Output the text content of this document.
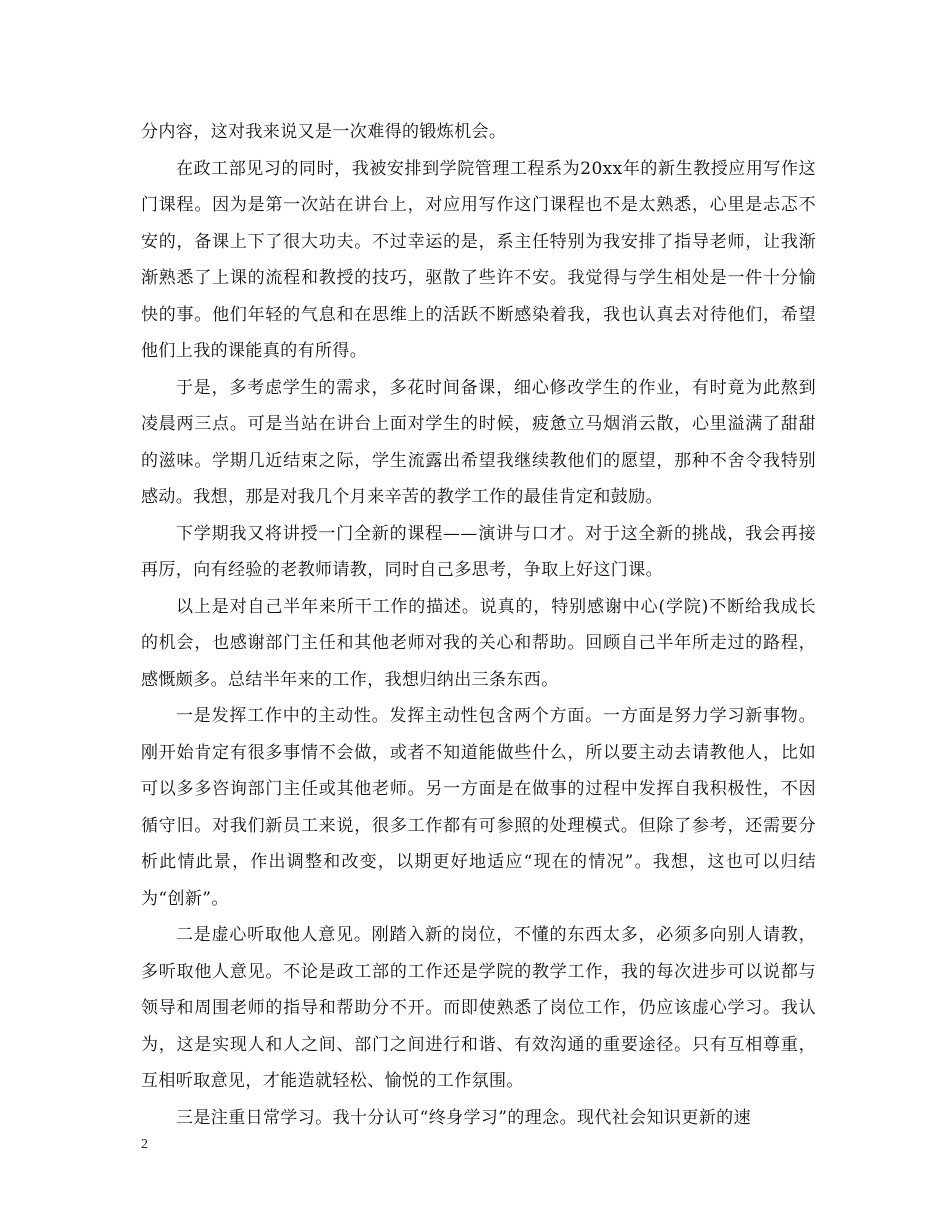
分内容，这对我来说又是一次难得的锻炼机会。

在政工部见习的同时，我被安排到学院管理工程系为20xx年的新生教授应用写作这门课程。因为是第一次站在讲台上，对应用写作这门课程也不是太熟悉，心里是忐忑不安的，备课上下了很大功夫。不过幸运的是，系主任特别为我安排了指导老师，让我渐渐熟悉了上课的流程和教授的技巧，驱散了些许不安。我觉得与学生相处是一件十分愉快的事。他们年轻的气息和在思维上的活跃不断感染着我，我也认真去对待他们，希望他们上我的课能真的有所得。

于是，多考虑学生的需求，多花时间备课，细心修改学生的作业，有时竟为此熬到凌晨两三点。可是当站在讲台上面对学生的时候，疲惫立马烟消云散，心里溢满了甜甜的滋味。学期几近结束之际，学生流露出希望我继续教他们的愿望，那种不舍令我特别感动。我想，那是对我几个月来辛苦的教学工作的最佳肯定和鼓励。

下学期我又将讲授一门全新的课程——演讲与口才。对于这全新的挑战，我会再接再厉，向有经验的老教师请教，同时自己多思考，争取上好这门课。

以上是对自己半年来所干工作的描述。说真的，特别感谢中心(学院)不断给我成长的机会，也感谢部门主任和其他老师对我的关心和帮助。回顾自己半年所走过的路程，感慨颇多。总结半年来的工作，我想归纳出三条东西。

一是发挥工作中的主动性。发挥主动性包含两个方面。一方面是努力学习新事物。刚开始肯定有很多事情不会做，或者不知道能做些什么，所以要主动去请教他人，比如可以多多咨询部门主任或其他老师。另一方面是在做事的过程中发挥自我积极性，不因循守旧。对我们新员工来说，很多工作都有可参照的处理模式。但除了参考，还需要分析此情此景，作出调整和改变，以期更好地适应“现在的情况”。我想，这也可以归结为“创新”。

二是虚心听取他人意见。刚踏入新的岗位，不懂的东西太多，必须多向别人请教，多听取他人意见。不论是政工部的工作还是学院的教学工作，我的每次进步可以说都与领导和周围老师的指导和帮助分不开。而即使熟悉了岗位工作，仍应该虚心学习。我认为，这是实现人和人之间、部门之间进行和谐、有效沟通的重要途径。只有互相尊重，互相听取意见，才能造就轻松、愉悦的工作氛围。

三是注重日常学习。我十分认可“终身学习”的理念。现代社会知识更新的速

2
